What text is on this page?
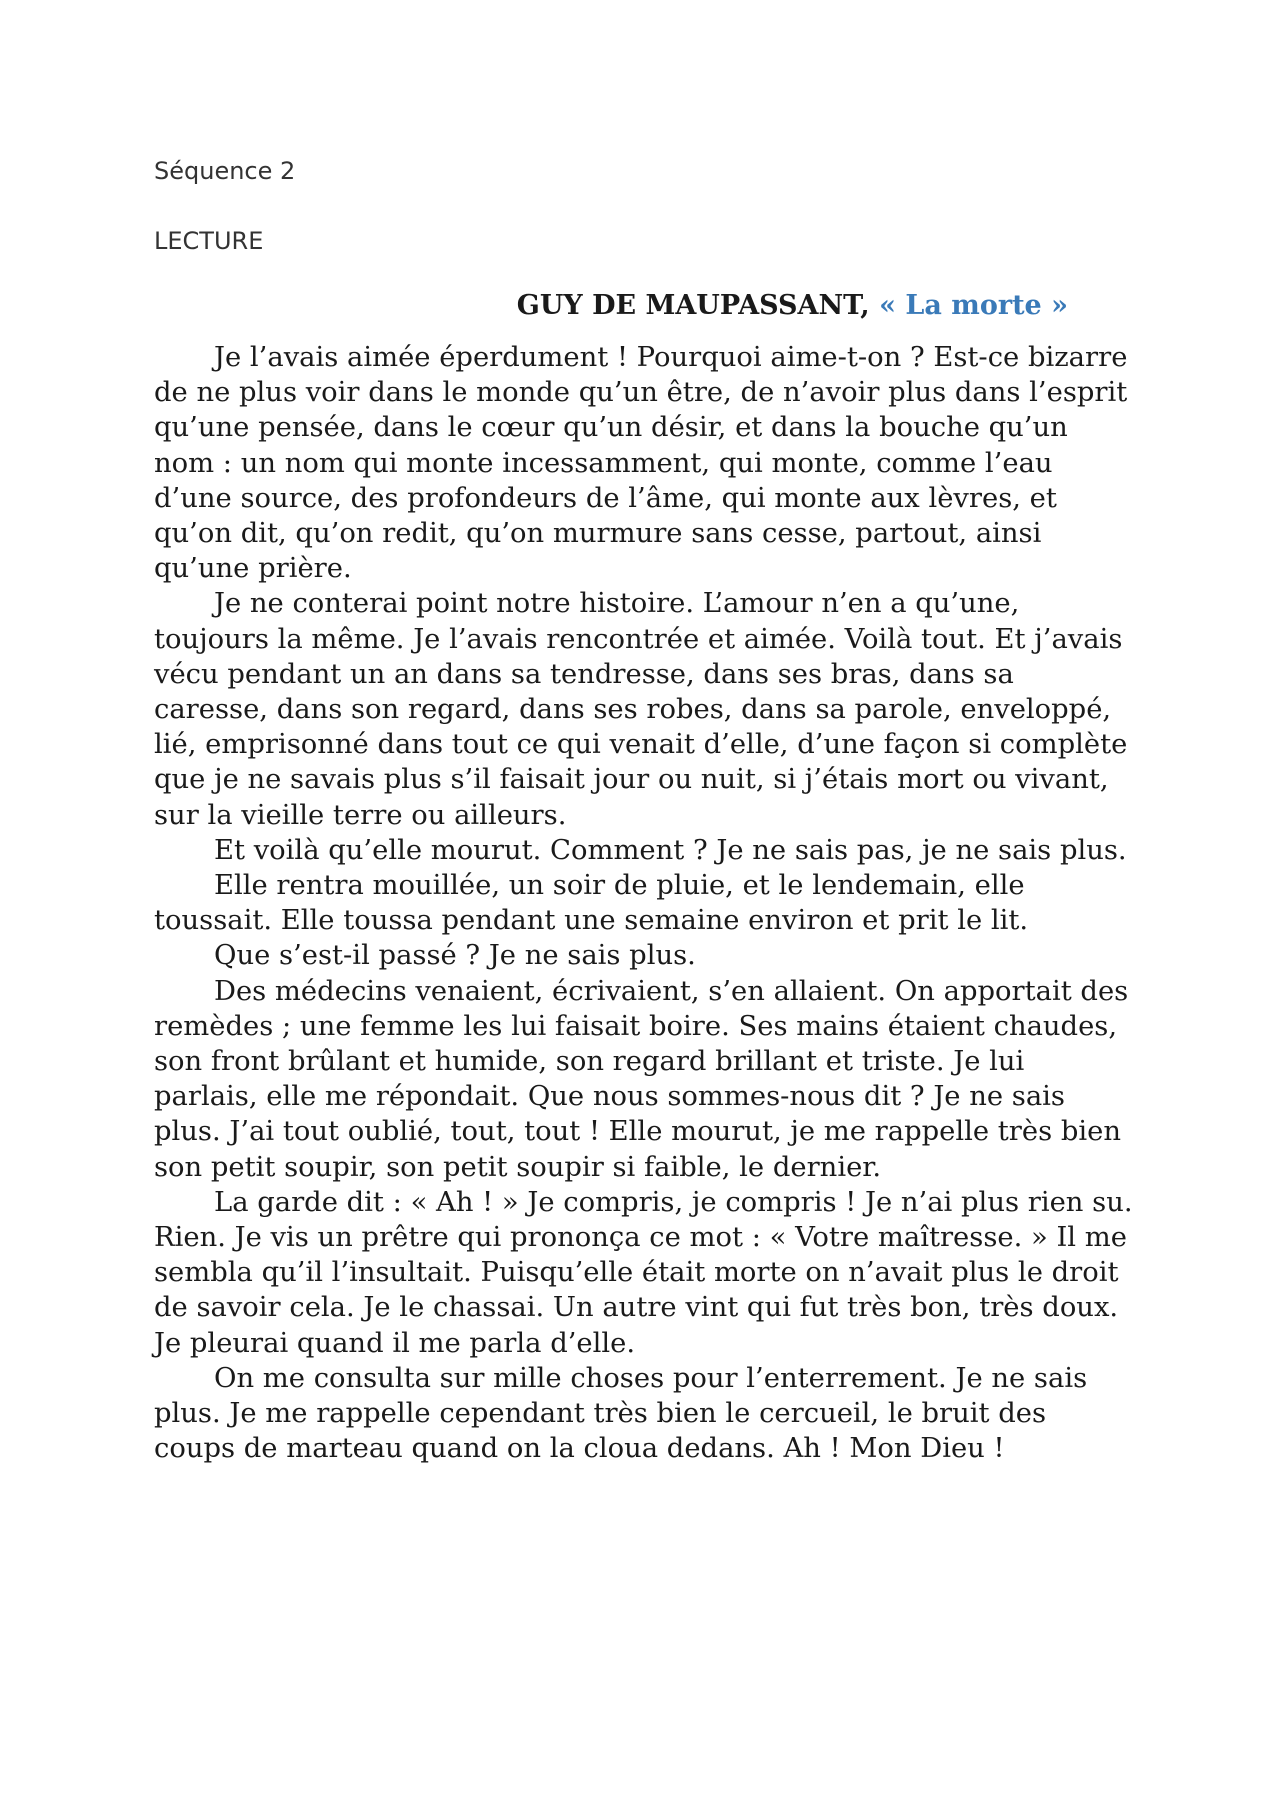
Séquence 2

LECTURE

GUY DE MAUPASSANT, « La morte »

Je l’avais aimée éperdument ! Pourquoi aime-t-on ? Est-ce bizarre de ne plus voir dans le monde qu’un être, de n’avoir plus dans l’esprit qu’une pensée, dans le cœur qu’un désir, et dans la bouche qu’un nom : un nom qui monte incessamment, qui monte, comme l’eau d’une source, des profondeurs de l’âme, qui monte aux lèvres, et qu’on dit, qu’on redit, qu’on murmure sans cesse, partout, ainsi qu’une prière.

Je ne conterai point notre histoire. L’amour n’en a qu’une, toujours la même. Je l’avais rencontrée et aimée. Voilà tout. Et j’avais vécu pendant un an dans sa tendresse, dans ses bras, dans sa caresse, dans son regard, dans ses robes, dans sa parole, enveloppé, lié, emprisonné dans tout ce qui venait d’elle, d’une façon si complète que je ne savais plus s’il faisait jour ou nuit, si j’étais mort ou vivant, sur la vieille terre ou ailleurs.

Et voilà qu’elle mourut. Comment ? Je ne sais pas, je ne sais plus.

Elle rentra mouillée, un soir de pluie, et le lendemain, elle toussait. Elle toussa pendant une semaine environ et prit le lit.

Que s’est-il passé ? Je ne sais plus.

Des médecins venaient, écrivaient, s’en allaient. On apportait des remèdes ; une femme les lui faisait boire. Ses mains étaient chaudes, son front brûlant et humide, son regard brillant et triste. Je lui parlais, elle me répondait. Que nous sommes-nous dit ? Je ne sais plus. J’ai tout oublié, tout, tout ! Elle mourut, je me rappelle très bien son petit soupir, son petit soupir si faible, le dernier.

La garde dit : « Ah ! » Je compris, je compris ! Je n’ai plus rien su. Rien. Je vis un prêtre qui prononça ce mot : « Votre maîtresse. » Il me sembla qu’il l’insultait. Puisqu’elle était morte on n’avait plus le droit de savoir cela. Je le chassai. Un autre vint qui fut très bon, très doux. Je pleurai quand il me parla d’elle.

On me consulta sur mille choses pour l’enterrement. Je ne sais plus. Je me rappelle cependant très bien le cercueil, le bruit des coups de marteau quand on la cloua dedans. Ah ! Mon Dieu !
